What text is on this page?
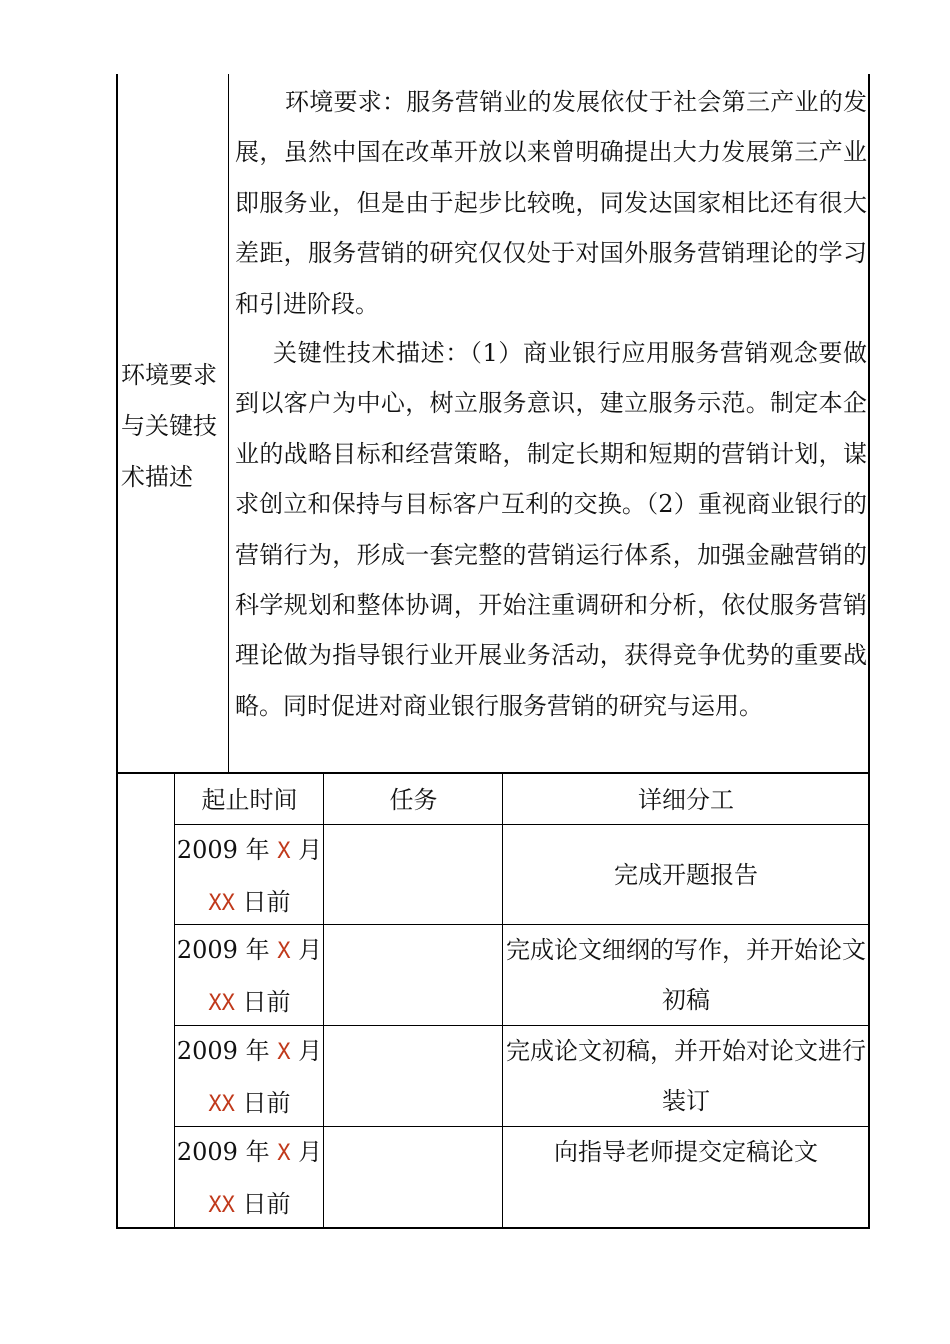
环境要求与关键技术描述
环境要求：服务营销业的发展依仗于社会第三产业的发展，虽然中国在改革开放以来曾明确提出大力发展第三产业即服务业，但是由于起步比较晚，同发达国家相比还有很大差距，服务营销的研究仅仅处于对国外服务营销理论的学习和引进阶段。
关键性技术描述：（1）商业银行应用服务营销观念要做到以客户为中心，树立服务意识，建立服务示范。制定本企业的战略目标和经营策略，制定长期和短期的营销计划，谋求创立和保持与目标客户互利的交换。（2）重视商业银行的营销行为，形成一套完整的营销运行体系，加强金融营销的科学规划和整体协调，开始注重调研和分析，依仗服务营销理论做为指导银行业开展业务活动，获得竞争优势的重要战略。同时促进对商业银行服务营销的研究与运用。
起止时间	任务	详细分工
2009 年 X 月
XX 日前
完成开题报告
2009 年 X 月
XX 日前
完成论文细纲的写作，并开始论文初稿
2009 年 X 月
XX 日前
完成论文初稿，并开始对论文进行装订
2009 年 X 月
XX 日前
向指导老师提交定稿论文
